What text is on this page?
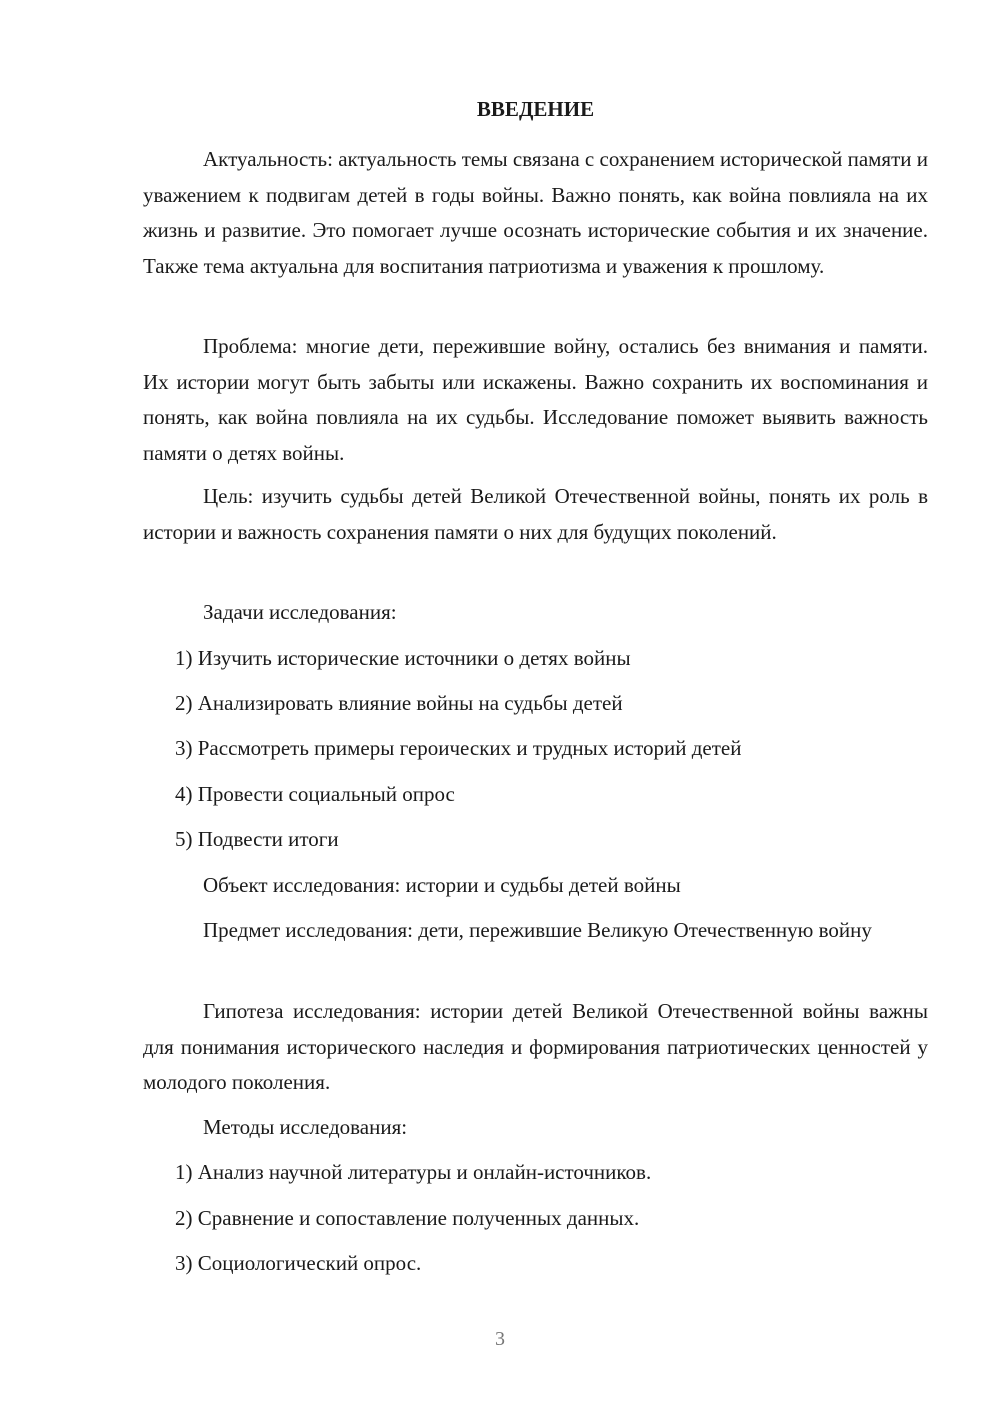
ВВЕДЕНИЕ
Актуальность: актуальность темы связана с сохранением исторической памяти и уважением к подвигам детей в годы войны. Важно понять, как война повлияла на их жизнь и развитие. Это помогает лучше осознать исторические события и их значение. Также тема актуальна для воспитания патриотизма и уважения к прошлому.
Проблема: многие дети, пережившие войну, остались без внимания и памяти. Их истории могут быть забыты или искажены. Важно сохранить их воспоминания и понять, как война повлияла на их судьбы. Исследование поможет выявить важность памяти о детях войны.
Цель: изучить судьбы детей Великой Отечественной войны, понять их роль в истории и важность сохранения памяти о них для будущих поколений.
Задачи исследования:
1) Изучить исторические источники о детях войны
2) Анализировать влияние войны на судьбы детей
3) Рассмотреть примеры героических и трудных историй детей
4) Провести социальный опрос
5) Подвести итоги
Объект исследования: истории и судьбы детей войны
Предмет исследования: дети, пережившие Великую Отечественную войну
Гипотеза исследования: истории детей Великой Отечественной войны важны для понимания исторического наследия и формирования патриотических ценностей у молодого поколения.
Методы исследования:
1) Анализ научной литературы и онлайн-источников.
2) Сравнение и сопоставление полученных данных.
3) Социологический опрос.
3
